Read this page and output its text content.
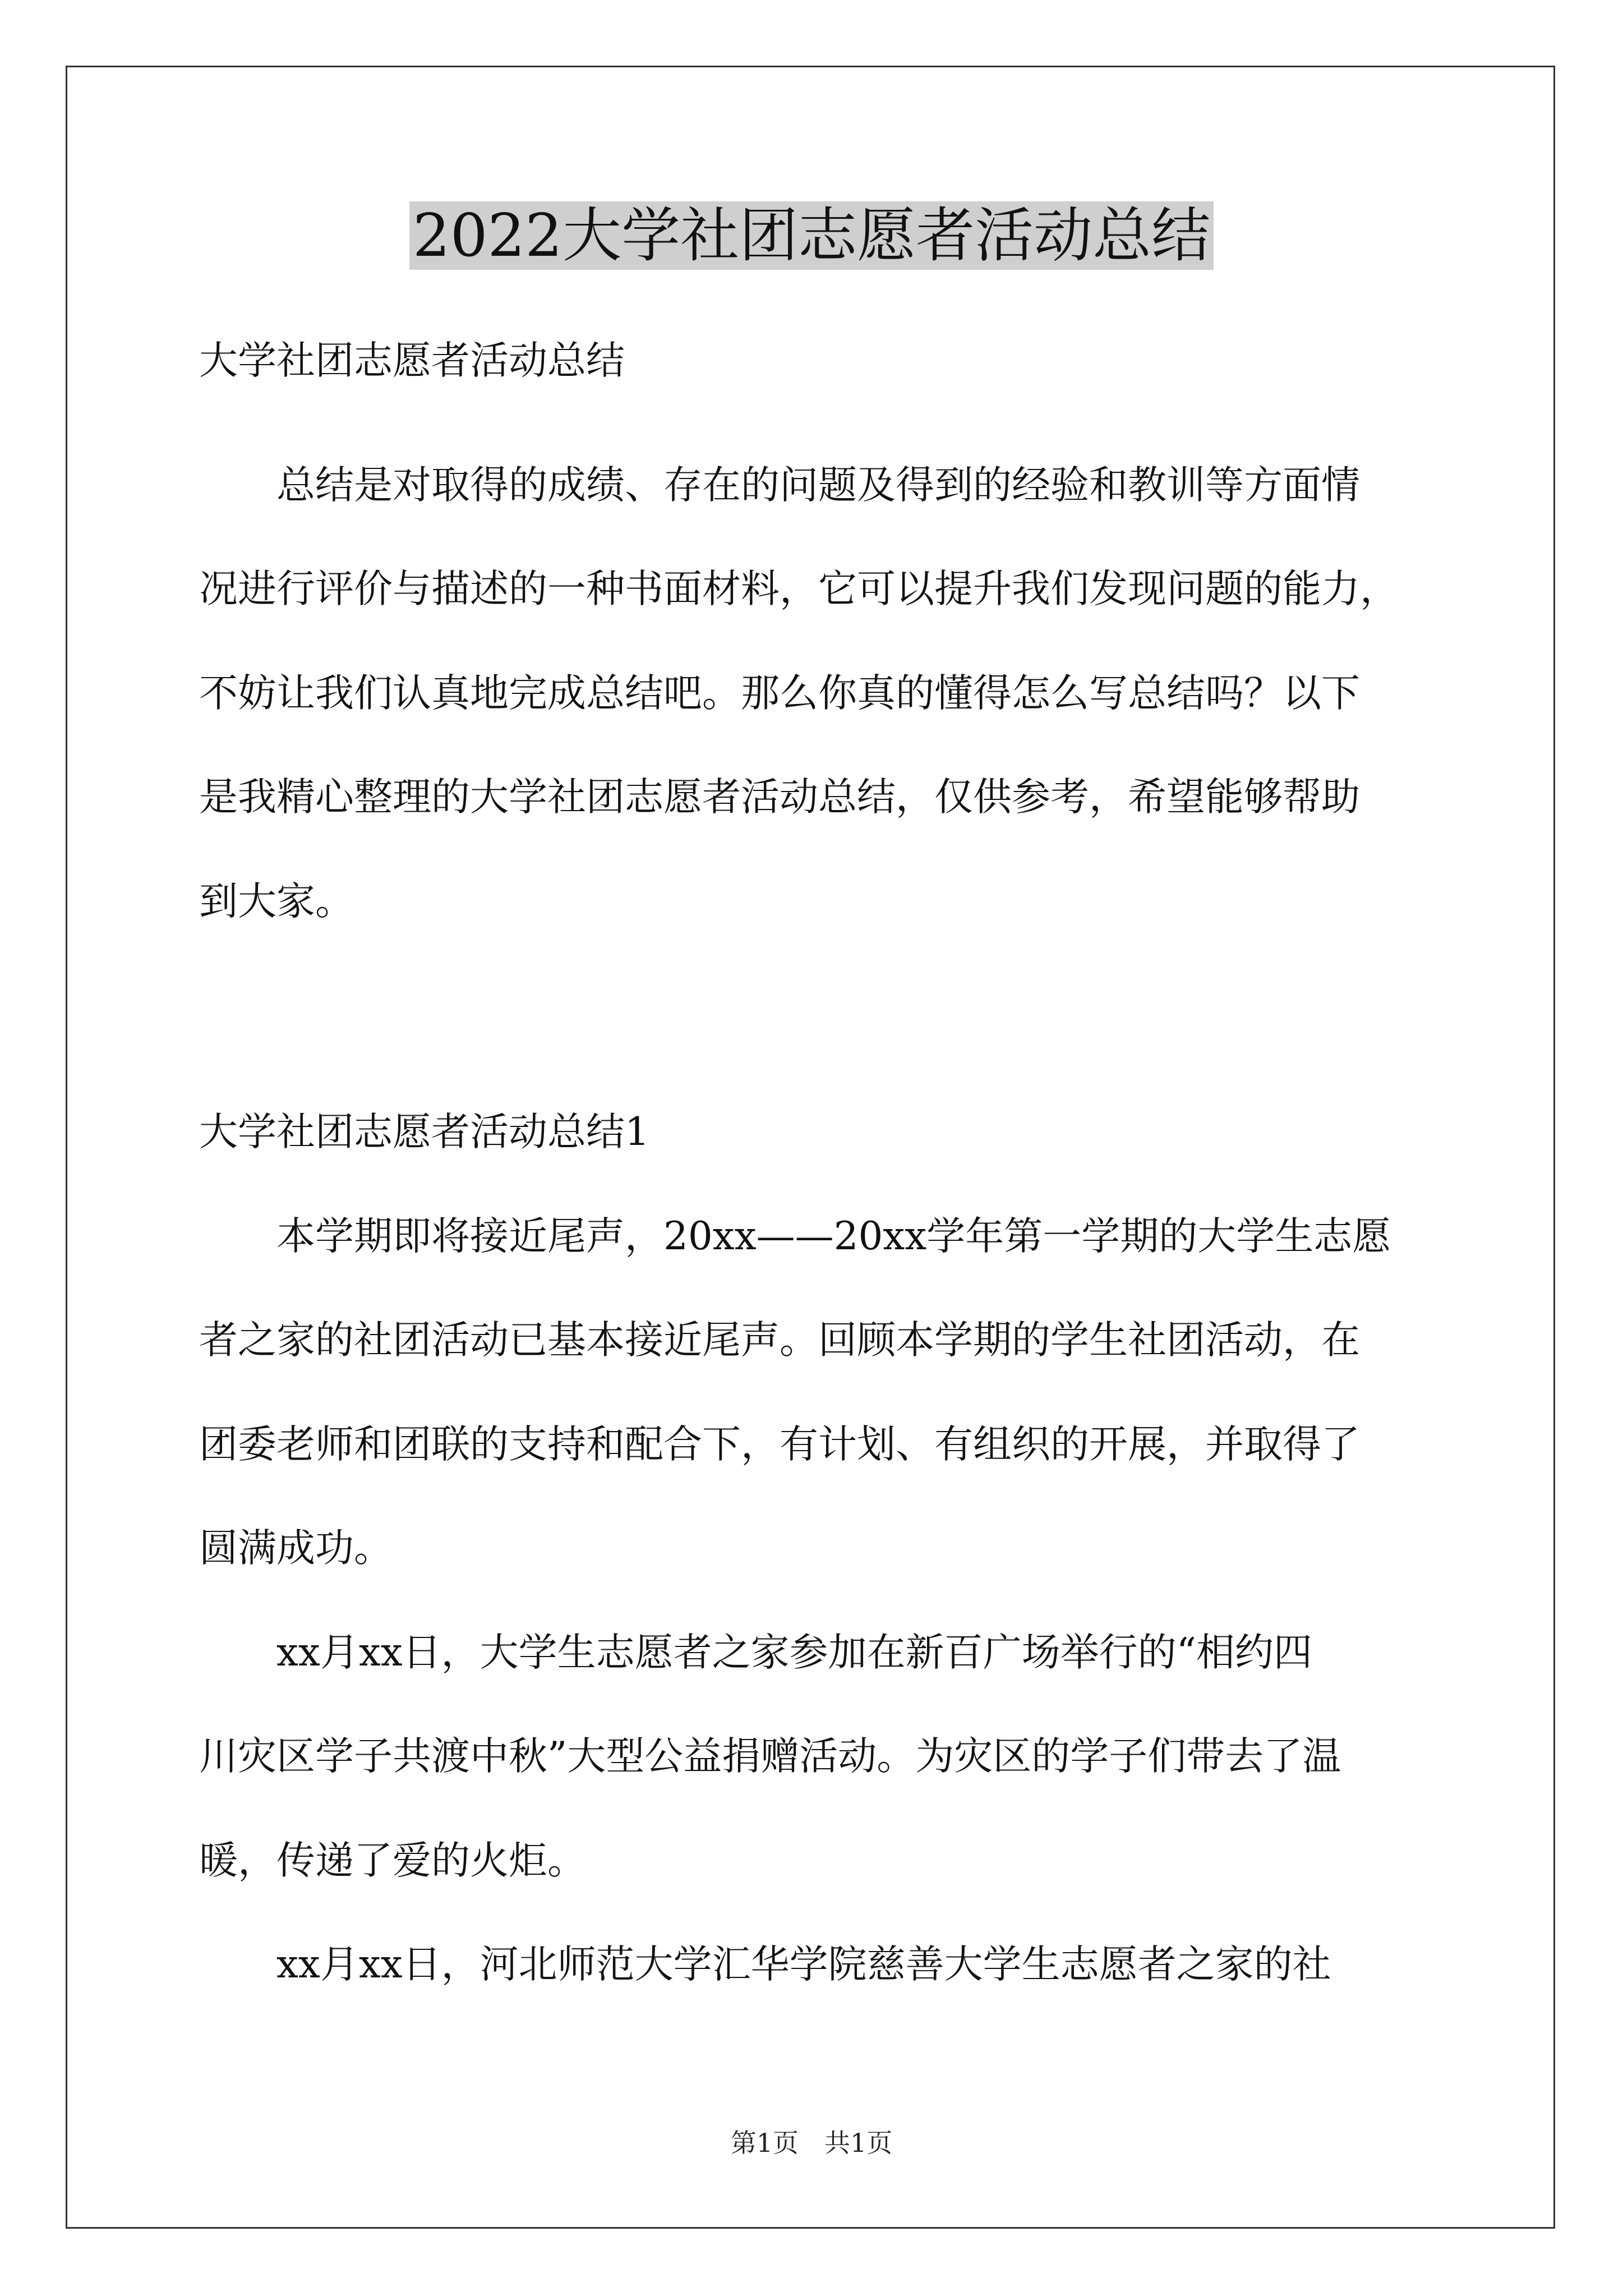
2022大学社团志愿者活动总结

大学社团志愿者活动总结

　　总结是对取得的成绩、存在的问题及得到的经验和教训等方面情

况进行评价与描述的一种书面材料，它可以提升我们发现问题的能力，

不妨让我们认真地完成总结吧。那么你真的懂得怎么写总结吗？以下

是我精心整理的大学社团志愿者活动总结，仅供参考，希望能够帮助

到大家。

大学社团志愿者活动总结1

　　本学期即将接近尾声，20xx——20xx学年第一学期的大学生志愿

者之家的社团活动已基本接近尾声。回顾本学期的学生社团活动，在

团委老师和团联的支持和配合下，有计划、有组织的开展，并取得了

圆满成功。

　　xx月xx日，大学生志愿者之家参加在新百广场举行的“相约四

川灾区学子共渡中秋”大型公益捐赠活动。为灾区的学子们带去了温

暖，传递了爱的火炬。

　　xx月xx日，河北师范大学汇华学院慈善大学生志愿者之家的社

第1页　共1页
